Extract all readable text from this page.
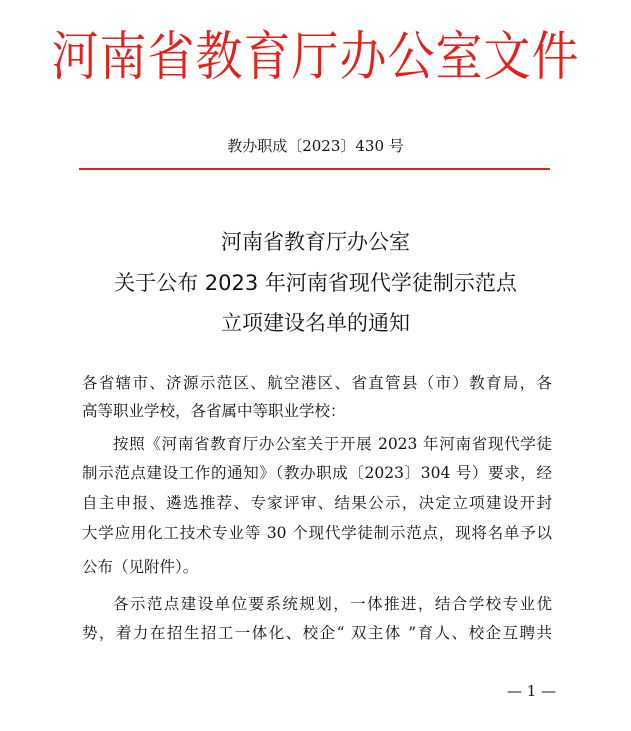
河南省教育厅办公室文件
教办职成〔2023〕430 号
河南省教育厅办公室
关于公布 2023 年河南省现代学徒制示范点
立项建设名单的通知
各省辖市、济源示范区、航空港区、省直管县（市）教育局，各
高等职业学校，各省属中等职业学校：
按照《河南省教育厅办公室关于开展 2023 年河南省现代学徒
制示范点建设工作的通知》（教办职成〔2023〕304 号）要求，经
自主申报、遴选推荐、专家评审、结果公示，决定立项建设开封
大学应用化工技术专业等 30 个现代学徒制示范点，现将名单予以
公布（见附件）。
各示范点建设单位要系统规划，一体推进，结合学校专业优
势，着力在招生招工一体化、校企“ 双主体 ”育人、校企互聘共
— 1 —
